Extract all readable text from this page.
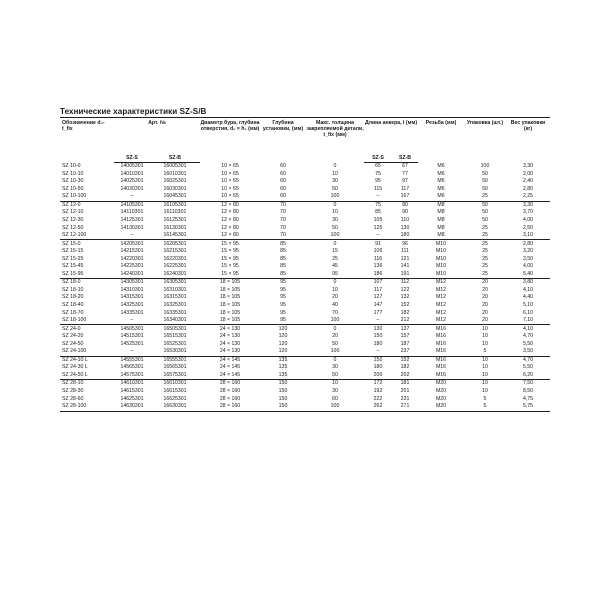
Технические характеристики SZ-S/B
Обозначение d₀-t_fix	Арт. №		Диаметр бура, глубина отверстия, d₀ × h₁ (мм)	Глубина установки, (мм)	Макс. толщина закрепляемой детали, t_fix (мм)	Длина анкера, l (мм)		Резьба (мм)	Упаковка (шт.)	Вес упаковки (кг)
	SZ-S	SZ-B				SZ-S	SZ-B			
SZ 10-0	14005301	16005301	10 × 65	60	0	65	67	M6	100	3,30
SZ 10-10	14010301	16010301	10 × 65	60	10	75	77	M6	50	2,00
SZ 10-30	14025301	16025301	10 × 65	60	30	95	97	M6	50	2,40
SZ 10-50	14030301	16030301	10 × 65	60	50	115	117	M6	50	2,80
SZ 10-100	–	16045301	10 × 65	60	100	–	167	M6	25	2,25
SZ 12-0	14105301	16105301	12 × 80	70	0	75	80	M8	50	3,30
SZ 12-10	14110301	16110301	12 × 80	70	10	85	90	M8	50	3,70
SZ 12-30	14125301	16125301	12 × 80	70	30	105	110	M8	50	4,00
SZ 12-50	14130301	16130301	12 × 80	70	50	125	130	M8	25	2,50
SZ 12-100	–	16145301	12 × 80	70	100	–	180	M8	25	3,10
SZ 15-0	14205301	16205301	15 × 95	85	0	91	96	M10	25	2,80
SZ 15-15	14215301	16215301	15 × 95	85	15	106	111	M10	25	3,20
SZ 15-25	14220301	16220301	15 × 95	85	25	116	121	M10	25	3,50
SZ 15-45	14225301	16225301	15 × 95	85	45	136	141	M10	25	4,00
SZ 15-95	14240301	16240301	15 × 95	85	95	186	191	M10	25	5,40
SZ 18-0	14305301	16305301	18 × 105	95	0	107	112	M12	20	3,80
SZ 18-10	14310301	16310301	18 × 105	95	10	117	122	M12	20	4,10
SZ 18-20	14315301	16315301	18 × 105	95	20	127	132	M12	20	4,40
SZ 18-40	14325301	16325301	18 × 105	95	40	147	152	M12	20	5,10
SZ 18-70	14335301	16335301	18 × 105	95	70	177	182	M12	20	6,10
SZ 18-100	–	16340301	18 × 105	95	100	–	212	M12	20	7,10
SZ 24-0	14505301	16505301	24 × 130	120	0	130	137	M16	10	4,10
SZ 24-20	14515301	16515301	24 × 130	120	20	150	157	M16	10	4,70
SZ 24-50	14525301	16525301	24 × 130	120	50	180	187	M16	10	5,50
SZ 24-100	–	16530301	24 × 130	120	100	–	237	M16	5	3,50
SZ 24-10 L	14555301	16555301	24 × 145	135	0	150	152	M16	10	4,70
SZ 24-30 L	14565301	16565301	24 × 145	135	30	180	182	M16	10	5,50
SZ 24-50 L	14575301	16575301	24 × 145	135	50	200	202	M16	10	6,20
SZ 28-10	14610301	16610301	28 × 160	150	10	172	181	M20	10	7,50
SZ 28-30	14615301	16615301	28 × 160	150	30	192	201	M20	10	8,50
SZ 28-60	14625301	16625301	28 × 160	150	60	222	231	M20	5	4,75
SZ 28-100	14630301	16630301	28 × 160	150	100	262	271	M20	5	5,75
